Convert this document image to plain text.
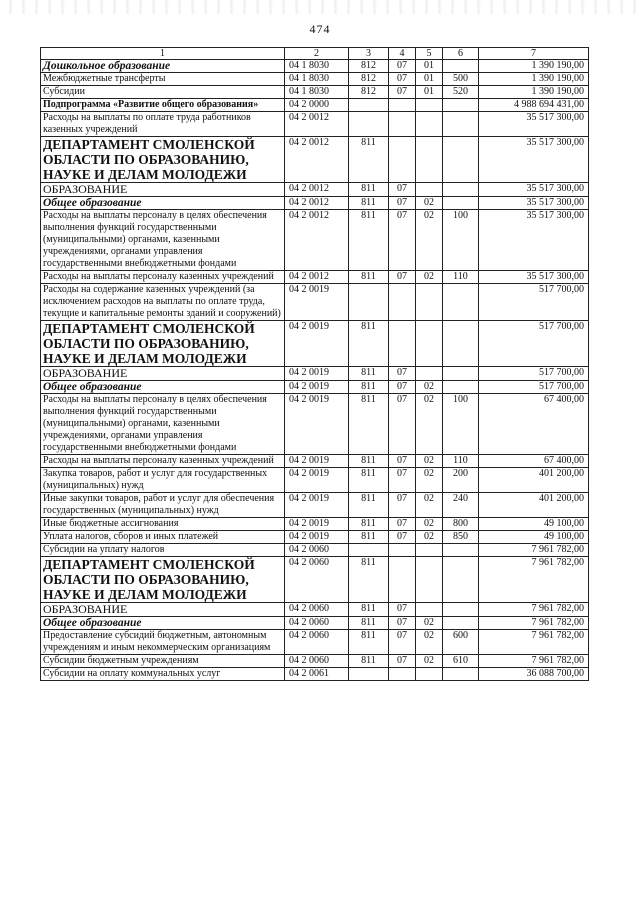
474
1	2	3	4	5	6	7
Дошкольное образование	04 1 8030	812	07	01		1 390 190,00
Межбюджетные трансферты	04 1 8030	812	07	01	500	1 390 190,00
Субсидии	04 1 8030	812	07	01	520	1 390 190,00
Подпрограмма «Развитие общего образования»	04 2 0000					4 988 694 431,00
Расходы на выплаты по оплате труда работников казенных учреждений	04 2 0012					35 517 300,00
ДЕПАРТАМЕНТ СМОЛЕНСКОЙ ОБЛАСТИ ПО ОБРАЗОВАНИЮ, НАУКЕ И ДЕЛАМ МОЛОДЕЖИ	04 2 0012	811				35 517 300,00
ОБРАЗОВАНИЕ	04 2 0012	811	07			35 517 300,00
Общее образование	04 2 0012	811	07	02		35 517 300,00
Расходы на выплаты персоналу в целях обеспечения выполнения функций государственными (муниципальными) органами, казенными учреждениями, органами управления государственными внебюджетными фондами	04 2 0012	811	07	02	100	35 517 300,00
Расходы на выплаты персоналу казенных учреждений	04 2 0012	811	07	02	110	35 517 300,00
Расходы на содержание казенных учреждений (за исключением расходов на выплаты по оплате труда, текущие и капитальные ремонты зданий и сооружений)	04 2 0019					517 700,00
ДЕПАРТАМЕНТ СМОЛЕНСКОЙ ОБЛАСТИ ПО ОБРАЗОВАНИЮ, НАУКЕ И ДЕЛАМ МОЛОДЕЖИ	04 2 0019	811				517 700,00
ОБРАЗОВАНИЕ	04 2 0019	811	07			517 700,00
Общее образование	04 2 0019	811	07	02		517 700,00
Расходы на выплаты персоналу в целях обеспечения выполнения функций государственными (муниципальными) органами, казенными учреждениями, органами управления государственными внебюджетными фондами	04 2 0019	811	07	02	100	67 400,00
Расходы на выплаты персоналу казенных учреждений	04 2 0019	811	07	02	110	67 400,00
Закупка товаров, работ и услуг для государственных (муниципальных) нужд	04 2 0019	811	07	02	200	401 200,00
Иные закупки товаров, работ и услуг для обеспечения государственных (муниципальных) нужд	04 2 0019	811	07	02	240	401 200,00
Иные бюджетные ассигнования	04 2 0019	811	07	02	800	49 100,00
Уплата налогов, сборов и иных платежей	04 2 0019	811	07	02	850	49 100,00
Субсидии на уплату налогов	04 2 0060					7 961 782,00
ДЕПАРТАМЕНТ СМОЛЕНСКОЙ ОБЛАСТИ ПО ОБРАЗОВАНИЮ, НАУКЕ И ДЕЛАМ МОЛОДЕЖИ	04 2 0060	811				7 961 782,00
ОБРАЗОВАНИЕ	04 2 0060	811	07			7 961 782,00
Общее образование	04 2 0060	811	07	02		7 961 782,00
Предоставление субсидий бюджетным, автономным учреждениям и иным некоммерческим организациям	04 2 0060	811	07	02	600	7 961 782,00
Субсидии бюджетным учреждениям	04 2 0060	811	07	02	610	7 961 782,00
Субсидии на оплату коммунальных услуг	04 2 0061					36 088 700,00
